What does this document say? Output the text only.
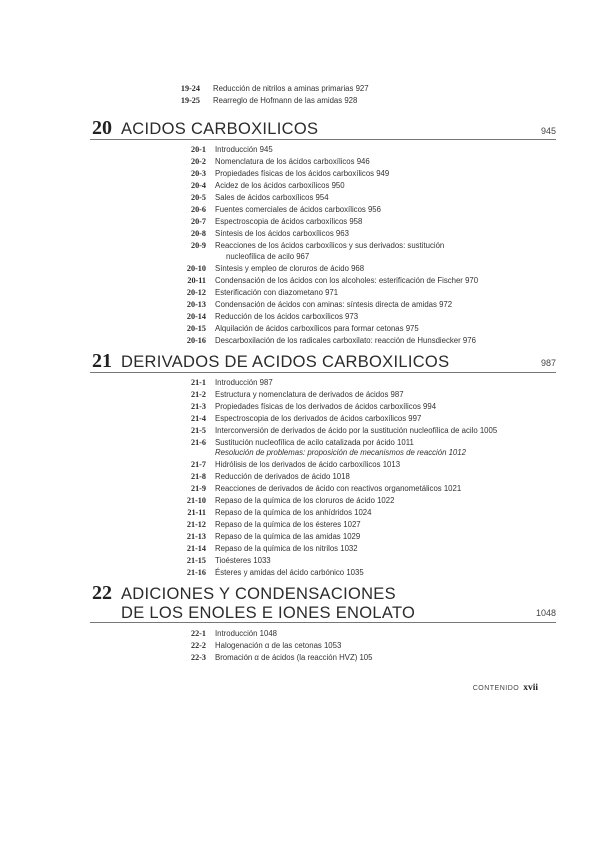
19-24 Reducción de nitrilos a aminas primarias 927
19-25 Rearreglo de Hofmann de las amidas 928
20 ACIDOS CARBOXILICOS	945
20-1 Introducción 945
20-2 Nomenclatura de los ácidos carboxílicos 946
20-3 Propiedades físicas de los ácidos carboxílicos 949
20-4 Acidez de los ácidos carboxílicos 950
20-5 Sales de ácidos carboxílicos 954
20-6 Fuentes comerciales de ácidos carboxílicos 956
20-7 Espectroscopia de ácidos carboxílicos 958
20-8 Síntesis de los ácidos carboxílicos 963
20-9 Reacciones de los ácidos carboxílicos y sus derivados: sustitución
nucleofílica de acilo 967
20-10 Síntesis y empleo de cloruros de ácido 968
20-11 Condensación de los ácidos con los alcoholes: esterificación de Fischer 970
20-12 Esterificación con diazometano 971
20-13 Condensación de ácidos con aminas: síntesis directa de amidas 972
20-14 Reducción de los ácidos carboxílicos 973
20-15 Alquilación de ácidos carboxílicos para formar cetonas 975
20-16 Descarboxilación de los radicales carboxilato: reacción de Hunsdiecker 976
21 DERIVADOS DE ACIDOS CARBOXILICOS	987
21-1 Introducción 987
21-2 Estructura y nomenclatura de derivados de ácidos 987
21-3 Propiedades físicas de los derivados de ácidos carboxílicos 994
21-4 Espectroscopia de los derivados de ácidos carboxílicos 997
21-5 Interconversión de derivados de ácido por la sustitución nucleofílica de acilo 1005
21-6 Sustitución nucleofílica de acilo catalizada por ácido 1011
Resolución de problemas: proposición de mecanismos de reacción 1012
21-7 Hidrólisis de los derivados de ácido carboxílicos 1013
21-8 Reducción de derivados de ácido 1018
21-9 Reacciones de derivados de ácido con reactivos organometálicos 1021
21-10 Repaso de la química de los cloruros de ácido 1022
21-11 Repaso de la química de los anhídridos 1024
21-12 Repaso de la química de los ésteres 1027
21-13 Repaso de la química de las amidas 1029
21-14 Repaso de la química de los nitrilos 1032
21-15 Tioésteres 1033
21-16 Ésteres y amidas del ácido carbónico 1035
22 ADICIONES Y CONDENSACIONES
DE LOS ENOLES E IONES ENOLATO	1048
22-1 Introducción 1048
22-2 Halogenación α de las cetonas 1053
22-3 Bromación α de ácidos (la reacción HVZ) 105
CONTENIDO xvii
